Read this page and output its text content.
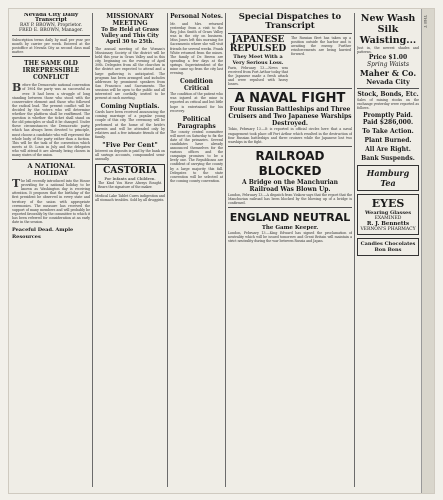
Nevada City Daily Transcript
RAY P. BROWN, Proprietor.
FRED E. BROWN, Manager.
Subscription terms daily by mail per year per month by carrier per week. Entered at the postoffice at Nevada City as second class mail matter.
THE SAME OLD IRREPRESSIBLE CONFLICT
Before the Democratic national convention of 1904 the party was as successful as ever. It had been a struggle of long standing between those who stood with the conservative element and those who followed the radical lead. The present conflict will be decided by the voters who will determine whether the platform shall be reaffirmed. The question is whether the ticket shall stand on the old principles or shall it be changed. Under these circumstances the Democratic party, which has always been devoted to principle, must choose a candidate who will represent the whole body of the party rather than a faction. This will be the task of the convention which meets at St. Louis in July and the delegates who will attend it are already being chosen in many states of the union.
A NATIONAL HOLIDAY
The bill recently introduced into the House providing for a national holiday to be known as Washington day is receiving attention. It proposes that the birthday of the first president be observed in every state and territory of the union with appropriate ceremonies. The measure has received the support of many members and will probably be reported favorably by the committee to which it has been referred for consideration at an early date in the session.
Peaceful Dead. Ample Resources
MISSIONARY MEETING
To Be Held at Grass Valley and This City April 30 to 25th.
The annual meeting of the Woman's Missionary Society of the district will be held this year in Grass Valley and in this city, beginning on the evening of April 30th. Delegates from all the churches in the district are expected to attend and a large gathering is anticipated. The program has been arranged and includes addresses by prominent speakers from San Francisco and Sacramento. The sessions will be open to the public and all interested are cordially invited to be present at each meeting.
Coming Nuptials.
Cards have been received announcing the coming marriage of a popular young couple of this city. The ceremony will be performed at the home of the bride's parents and will be attended only by relatives and a few intimate friends of the family.
"Five Per Cent"
Interest on deposits is paid by the bank on all savings accounts, compounded semi-annually.
CASTORIA
For Infants and Children.
The Kind You Have Always Bought. Bears the signature of the maker.
Medical Lake Tablet Cures indigestion and all stomach troubles. Sold by all druggists.
Personal Notes.
Mr. and Mrs. returned yesterday from a visit to the Bay. John Smith of Grass Valley was in the city on business. Miss Jones left this morning for Sacramento where she will visit friends for several weeks. Frank White returned from the mines. The family of Dr. Brown are spending a few days at the springs. Superintendent of the mine came up from the city last evening.
Condition Critical
The condition of the patient who was injured at the mine is reported as critical and but little hope is entertained for his recovery.
Political Paragraphs
The county central committee will meet on Saturday to fix the date of the primaries. Several candidates have already announced themselves for the various offices and the campaign promises to be a lively one. The Republicans are confident of carrying the county by a large majority this fall. Delegates to the state convention will be selected at the coming county convention.
Special Dispatches to Transcript
JAPANESE REPULSED
They Meet With a Very Serious Loss.
Paris, February 13.—News was received from Port Arthur today that the Japanese made a fresh attack and were repulsed with heavy losses.
The Russian fleet has taken up a position outside the harbor and is awaiting the enemy. Further reinforcements are being hurried forward.
A NAVAL FIGHT
Four Russian Battleships and Three Cruisers and Two Japanese Warships Destroyed.
Tokio, February 13.—It is reported in official circles here that a naval engagement took place off Port Arthur which resulted in the destruction of four Russian battleships and three cruisers while the Japanese lost two warships in the fight.
RAILROAD BLOCKED
A Bridge on the Manchurian Railroad Was Blown Up.
London, February 13.—A dispatch from Yinkow says that the report that the Manchurian railroad has been blocked by the blowing up of a bridge is confirmed.
ENGLAND NEUTRAL
The Game Keeper.
London, February 13.—King Edward has signed the proclamation of neutrality which will be issued tomorrow and Great Britain will maintain a strict neutrality during the war between Russia and Japan.
New Wash Silk Waisting...
Just in, the newest shades and patterns.
Price $1.00
Spring Waists
Maher & Co.
Nevada City
Stock, Bonds, Etc.
Sales of mining stocks on the exchange yesterday were reported as follows.
Promptly Paid.
Paid $286,000.
To Take Action.
Plant Burned.
All Are Right.
Bank Suspends.
Hamburg Tea
EYES
Wearing Glasses
EXAMINED
R. J. Bennetts
VERNON'S PHARMACY
Candies Chocolates Bon Bons
THE T
